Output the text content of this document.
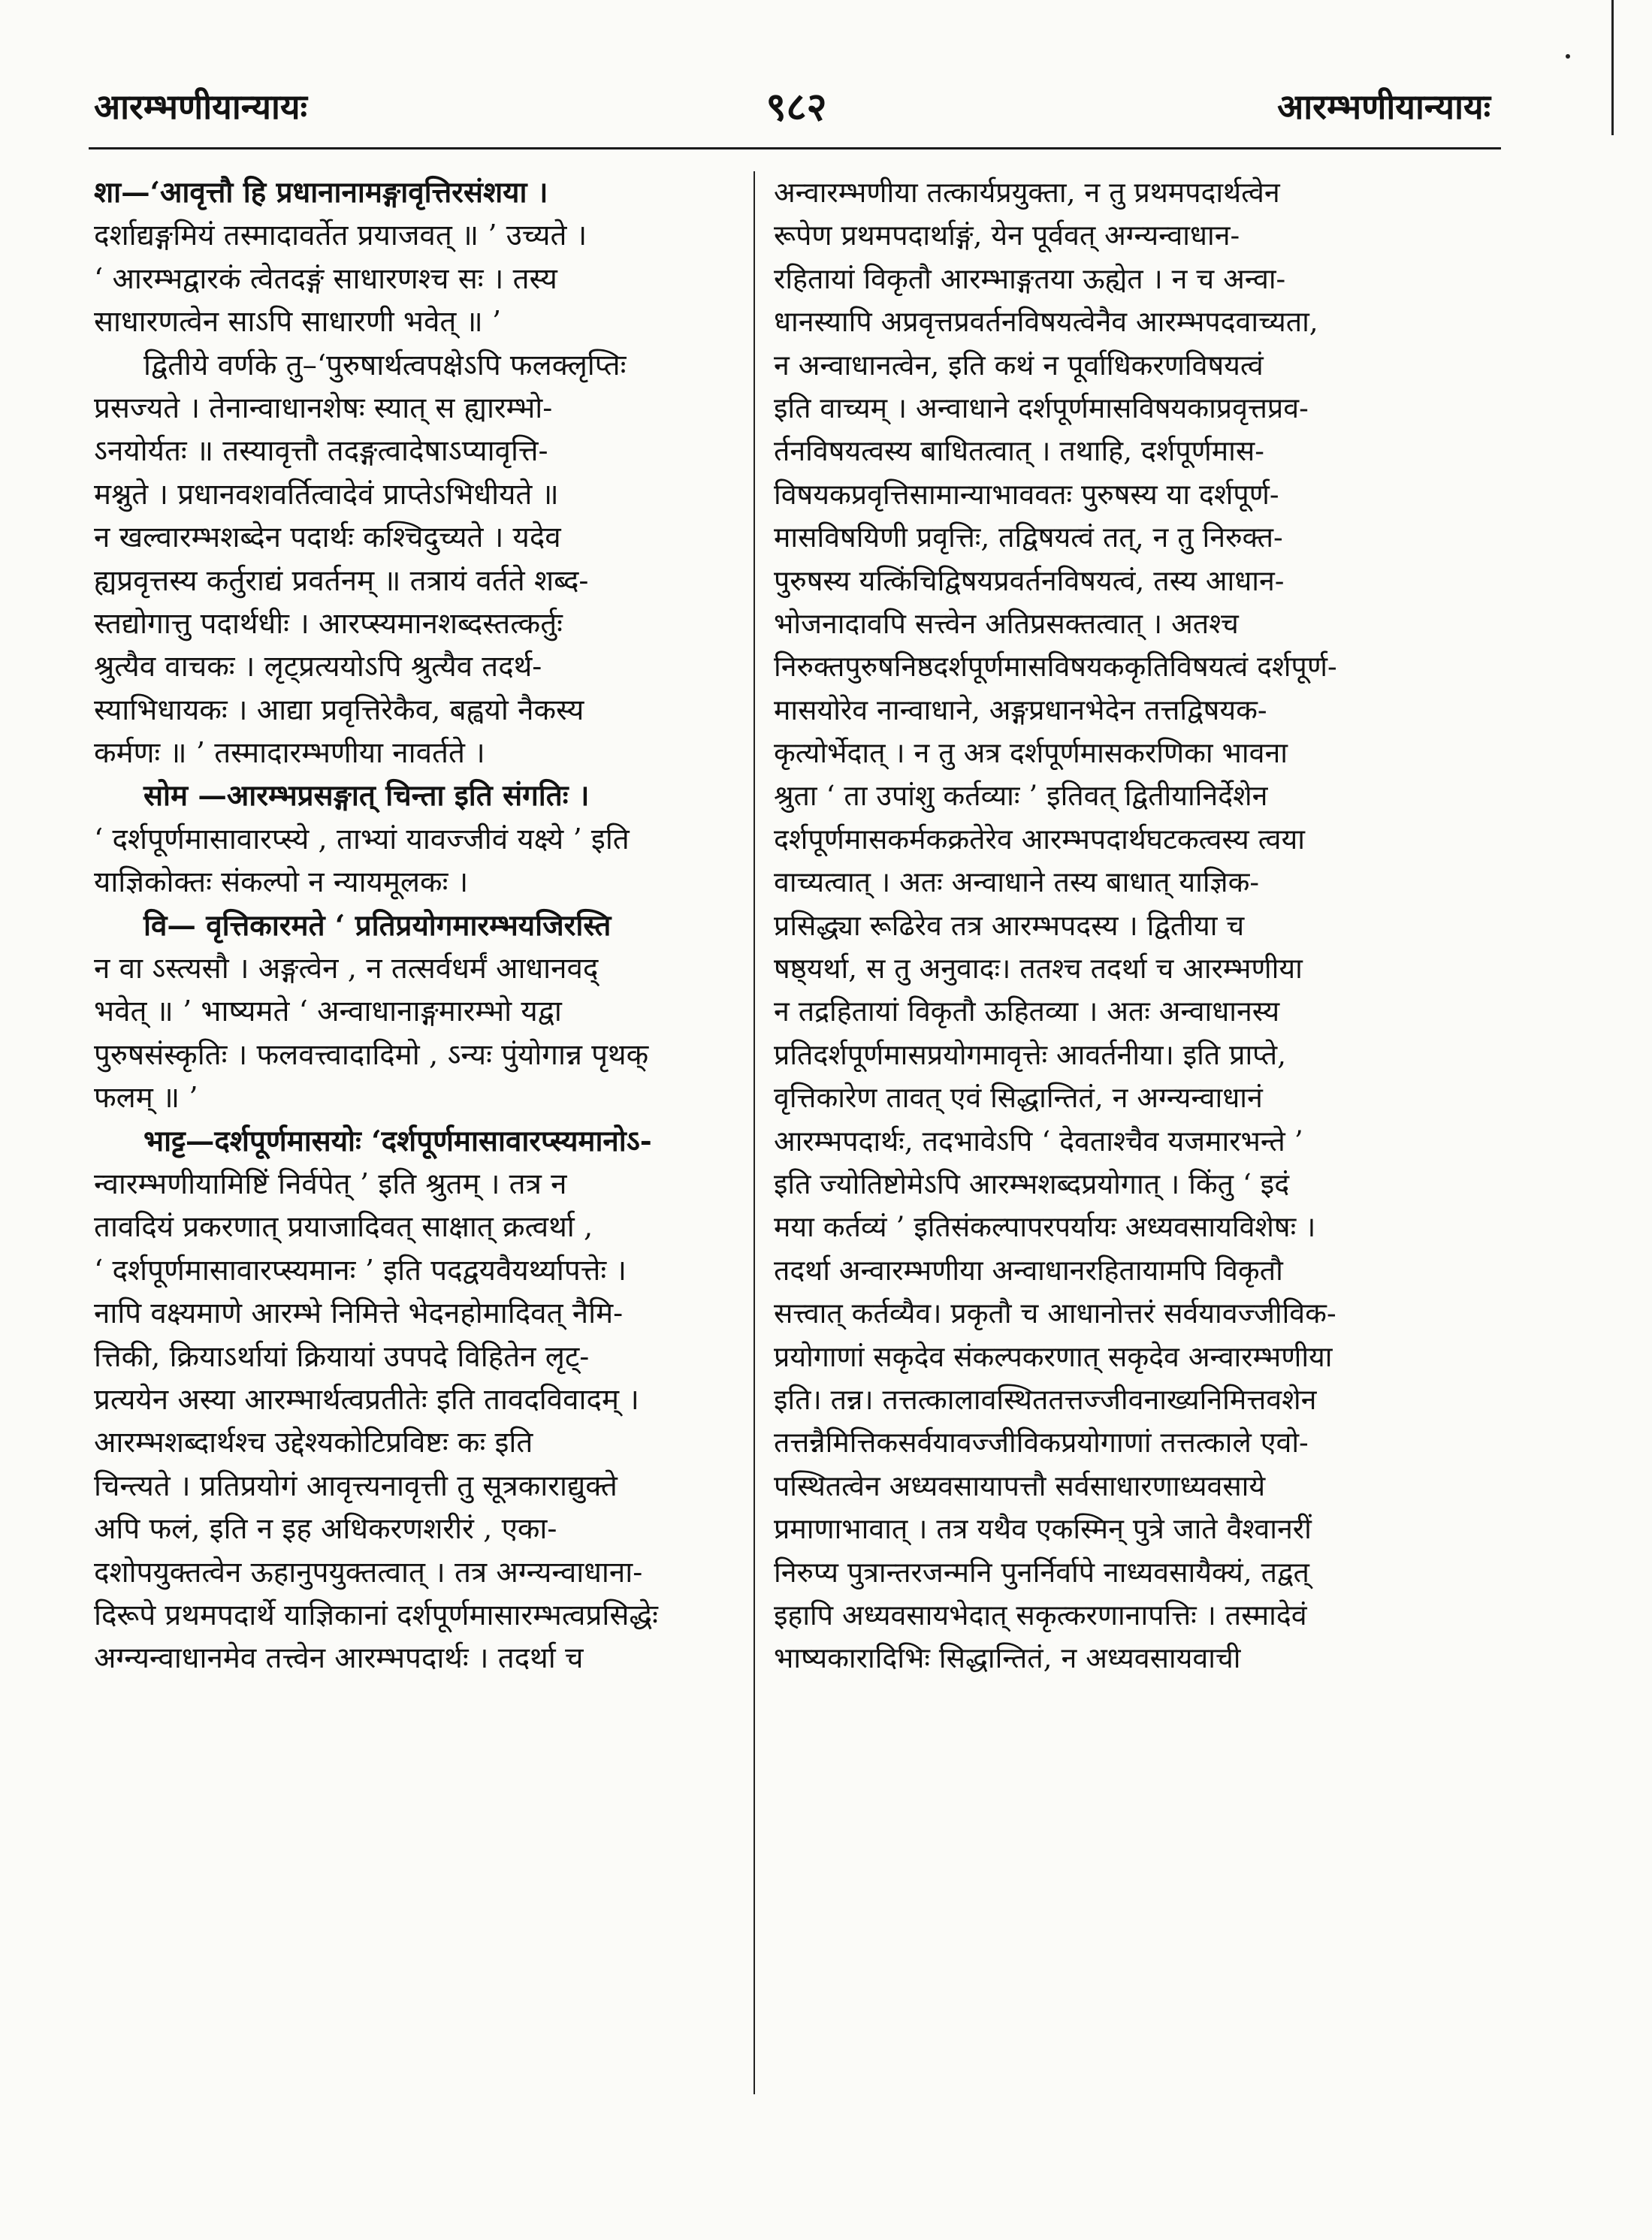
आरम्भणीयान्यायः	९८२	आरम्भणीयान्यायः
शा—‘आवृत्तौ हि प्रधानानामङ्गावृत्तिरसंशया ।
दर्शाद्यङ्गमियं तस्मादावर्तेत प्रयाजवत् ॥ ’ उच्यते ।
‘ आरम्भद्वारकं त्वेतदङ्गं साधारणश्च सः । तस्य
साधारणत्वेन साऽपि साधारणी भवेत् ॥ ’
द्वितीये वर्णके तु–‘पुरुषार्थत्वपक्षेऽपि फलक्लृप्तिः
प्रसज्यते । तेनान्वाधानशेषः स्यात् स ह्यारम्भो-
ऽनयोर्यतः ॥ तस्यावृत्तौ तदङ्गत्वादेषाऽप्यावृत्ति-
मश्नुते । प्रधानवशवर्तित्वादेवं प्राप्तेऽभिधीयते ॥
न खल्वारम्भशब्देन पदार्थः कश्चिदुच्यते । यदेव
ह्यप्रवृत्तस्य कर्तुराद्यं प्रवर्तनम् ॥ तत्रायं वर्तते शब्द-
स्तद्योगात्तु पदार्थधीः । आरप्स्यमानशब्दस्तत्कर्तुः
श्रुत्यैव वाचकः । लृट्प्रत्ययोऽपि श्रुत्यैव तदर्थ-
स्याभिधायकः । आद्या प्रवृत्तिरेकैव, बह्वयो नैकस्य
कर्मणः ॥ ’ तस्मादारम्भणीया नावर्तते ।
सोम —आरम्भप्रसङ्गात् चिन्ता इति संगतिः ।
‘ दर्शपूर्णमासावारप्स्ये , ताभ्यां यावज्जीवं यक्ष्ये ’ इति
याज्ञिकोक्तः संकल्पो न न्यायमूलकः ।
वि— वृत्तिकारमते ‘ प्रतिप्रयोगमारम्भयजिरस्ति
न वा ऽस्त्यसौ । अङ्गत्वेन , न तत्सर्वधर्मं आधानवद्
भवेत् ॥ ’ भाष्यमते ‘ अन्वाधानाङ्गमारम्भो यद्वा
पुरुषसंस्कृतिः । फलवत्त्वादादिमो , ऽन्यः पुंयोगान्न पृथक्
फलम् ॥ ’
भाट्ट—दर्शपूर्णमासयोः ‘दर्शपूर्णमासावारप्स्यमानोऽ-
न्वारम्भणीयामिष्टिं निर्वपेत् ’ इति श्रुतम् । तत्र न
तावदियं प्रकरणात् प्रयाजादिवत् साक्षात् क्रत्वर्था ,
‘ दर्शपूर्णमासावारप्स्यमानः ’ इति पदद्वयवैयर्थ्यापत्तेः ।
नापि वक्ष्यमाणे आरम्भे निमित्ते भेदनहोमादिवत् नैमि-
त्तिकी, क्रियाऽर्थायां क्रियायां उपपदे विहितेन लृट्-
प्रत्ययेन अस्या आरम्भार्थत्वप्रतीतेः इति तावदविवादम् ।
आरम्भशब्दार्थश्च उद्देश्यकोटिप्रविष्टः कः इति
चिन्त्यते । प्रतिप्रयोगं आवृत्त्यनावृत्ती तु सूत्रकाराद्युक्ते
अपि फलं, इति न इह अधिकरणशरीरं , एका-
दशोपयुक्तत्वेन ऊहानुपयुक्तत्वात् । तत्र अग्न्यन्वाधाना-
दिरूपे प्रथमपदार्थे याज्ञिकानां दर्शपूर्णमासारम्भत्वप्रसिद्धेः
अग्न्यन्वाधानमेव तत्त्वेन आरम्भपदार्थः । तदर्था च
अन्वारम्भणीया तत्कार्यप्रयुक्ता, न तु प्रथमपदार्थत्वेन
रूपेण प्रथमपदार्थाङ्गं, येन पूर्ववत् अग्न्यन्वाधान-
रहितायां विकृतौ आरम्भाङ्गतया ऊह्येत । न च अन्वा-
धानस्यापि अप्रवृत्तप्रवर्तनविषयत्वेनैव आरम्भपदवाच्यता,
न अन्वाधानत्वेन, इति कथं न पूर्वाधिकरणविषयत्वं
इति वाच्यम् । अन्वाधाने दर्शपूर्णमासविषयकाप्रवृत्तप्रव-
र्तनविषयत्वस्य बाधितत्वात् । तथाहि, दर्शपूर्णमास-
विषयकप्रवृत्तिसामान्याभाववतः पुरुषस्य या दर्शपूर्ण-
मासविषयिणी प्रवृत्तिः, तद्विषयत्वं तत्, न तु निरुक्त-
पुरुषस्य यत्किंचिद्विषयप्रवर्तनविषयत्वं, तस्य आधान-
भोजनादावपि सत्त्वेन अतिप्रसक्तत्वात् । अतश्च
निरुक्तपुरुषनिष्ठदर्शपूर्णमासविषयककृतिविषयत्वं दर्शपूर्ण-
मासयोरेव नान्वाधाने, अङ्गप्रधानभेदेन तत्तद्विषयक-
कृत्योर्भेदात् । न तु अत्र दर्शपूर्णमासकरणिका भावना
श्रुता ‘ ता उपांशु कर्तव्याः ’ इतिवत् द्वितीयानिर्देशेन
दर्शपूर्णमासकर्मकक्रतेरेव आरम्भपदार्थघटकत्वस्य त्वया
वाच्यत्वात् । अतः अन्वाधाने तस्य बाधात् याज्ञिक-
प्रसिद्ध्या रूढिरेव तत्र आरम्भपदस्य । द्वितीया च
षष्ठ्यर्था, स तु अनुवादः। ततश्च तदर्था च आरम्भणीया
न तद्रहितायां विकृतौ ऊहितव्या । अतः अन्वाधानस्य
प्रतिदर्शपूर्णमासप्रयोगमावृत्तेः आवर्तनीया। इति प्राप्ते,
वृत्तिकारेण तावत् एवं सिद्धान्तितं, न अग्न्यन्वाधानं
आरम्भपदार्थः, तदभावेऽपि ‘ देवताश्चैव यजमारभन्ते ’
इति ज्योतिष्टोमेऽपि आरम्भशब्दप्रयोगात् । किंतु ‘ इदं
मया कर्तव्यं ’ इतिसंकल्पापरपर्यायः अध्यवसायविशेषः ।
तदर्था अन्वारम्भणीया अन्वाधानरहितायामपि विकृतौ
सत्त्वात् कर्तव्यैव। प्रकृतौ च आधानोत्तरं सर्वयावज्जीविक-
प्रयोगाणां सकृदेव संकल्पकरणात् सकृदेव अन्वारम्भणीया
इति। तन्न। तत्तत्कालावस्थिततत्तज्जीवनाख्यनिमित्तवशेन
तत्तन्नैमित्तिकसर्वयावज्जीविकप्रयोगाणां तत्तत्काले एवो-
पस्थितत्वेन अध्यवसायापत्तौ सर्वसाधारणाध्यवसाये
प्रमाणाभावात् । तत्र यथैव एकस्मिन् पुत्रे जाते वैश्वानरीं
निरुप्य पुत्रान्तरजन्मनि पुनर्निर्वापे नाध्यवसायैक्यं, तद्वत्
इहापि अध्यवसायभेदात् सकृत्करणानापत्तिः । तस्मादेवं
भाष्यकारादिभिः सिद्धान्तितं, न अध्यवसायवाची
